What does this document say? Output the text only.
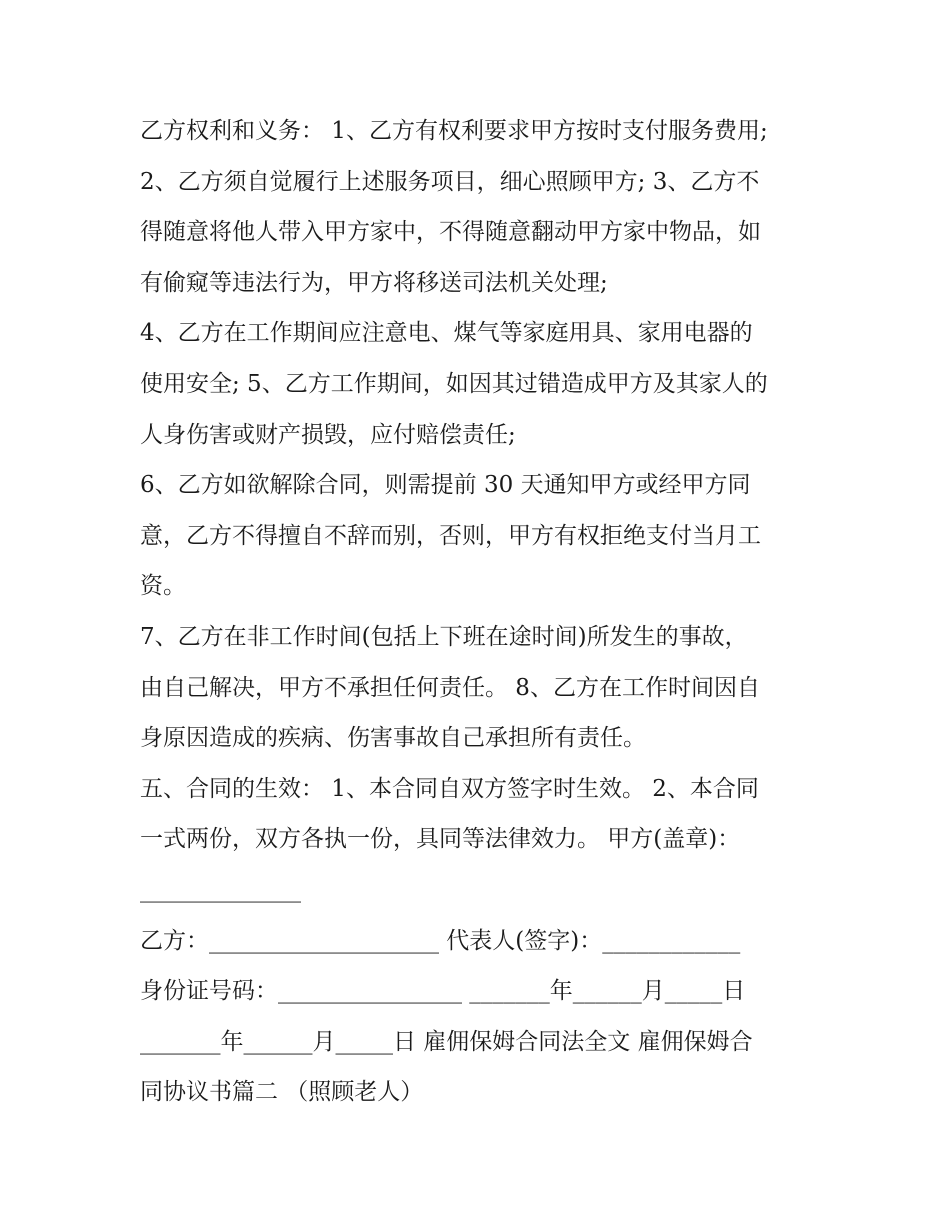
乙方权利和义务： 1、乙方有权利要求甲方按时支付服务费用;
2、乙方须自觉履行上述服务项目，细心照顾甲方; 3、乙方不
得随意将他人带入甲方家中，不得随意翻动甲方家中物品，如
有偷窥等违法行为，甲方将移送司法机关处理;
4、乙方在工作期间应注意电、煤气等家庭用具、家用电器的
使用安全; 5、乙方工作期间，如因其过错造成甲方及其家人的
人身伤害或财产损毁，应付赔偿责任;
6、乙方如欲解除合同，则需提前 30 天通知甲方或经甲方同
意，乙方不得擅自不辞而别，否则，甲方有权拒绝支付当月工
资。
7、乙方在非工作时间(包括上下班在途时间)所发生的事故，
由自己解决，甲方不承担任何责任。 8、乙方在工作时间因自
身原因造成的疾病、伤害事故自己承担所有责任。
五、合同的生效： 1、本合同自双方签字时生效。 2、本合同
一式两份，双方各执一份，具同等法律效力。 甲方(盖章)：
______________
乙方：____________________ 代表人(签字)：____________
身份证号码：________________ _______年______月_____日
_______年______月_____日 雇佣保姆合同法全文 雇佣保姆合
同协议书篇二 （照顾老人）
